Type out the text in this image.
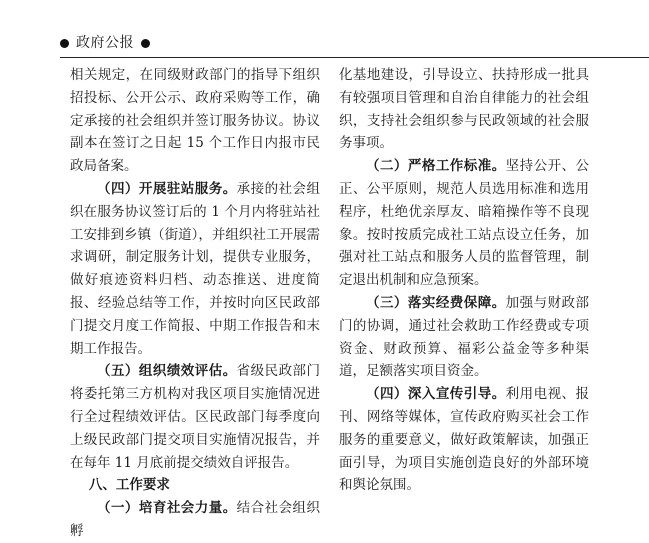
政府公报

相关规定，在同级财政部门的指导下组织招投标、公开公示、政府采购等工作，确定承接的社会组织并签订服务协议。协议副本在签订之日起 15 个工作日内报市民政局备案。

（四）开展驻站服务。承接的社会组织在服务协议签订后的 1 个月内将驻站社工安排到乡镇（街道），并组织社工开展需求调研，制定服务计划，提供专业服务，做好痕迹资料归档、动态推送、进度简报、经验总结等工作，并按时向区民政部门提交月度工作简报、中期工作报告和末期工作报告。

（五）组织绩效评估。省级民政部门将委托第三方机构对我区项目实施情况进行全过程绩效评估。区民政部门每季度向上级民政部门提交项目实施情况报告，并在每年 11 月底前提交绩效自评报告。

八、工作要求

（一）培育社会力量。结合社会组织孵

化基地建设，引导设立、扶持形成一批具有较强项目管理和自治自律能力的社会组织，支持社会组织参与民政领域的社会服务事项。

（二）严格工作标准。坚持公开、公正、公平原则，规范人员选用标准和选用程序，杜绝优亲厚友、暗箱操作等不良现象。按时按质完成社工站点设立任务，加强对社工站点和服务人员的监督管理，制定退出机制和应急预案。

（三）落实经费保障。加强与财政部门的协调，通过社会救助工作经费或专项资金、财政预算、福彩公益金等多种渠道，足额落实项目资金。

（四）深入宣传引导。利用电视、报刊、网络等媒体，宣传政府购买社会工作服务的重要意义，做好政策解读，加强正面引导，为项目实施创造良好的外部环境和舆论氛围。
